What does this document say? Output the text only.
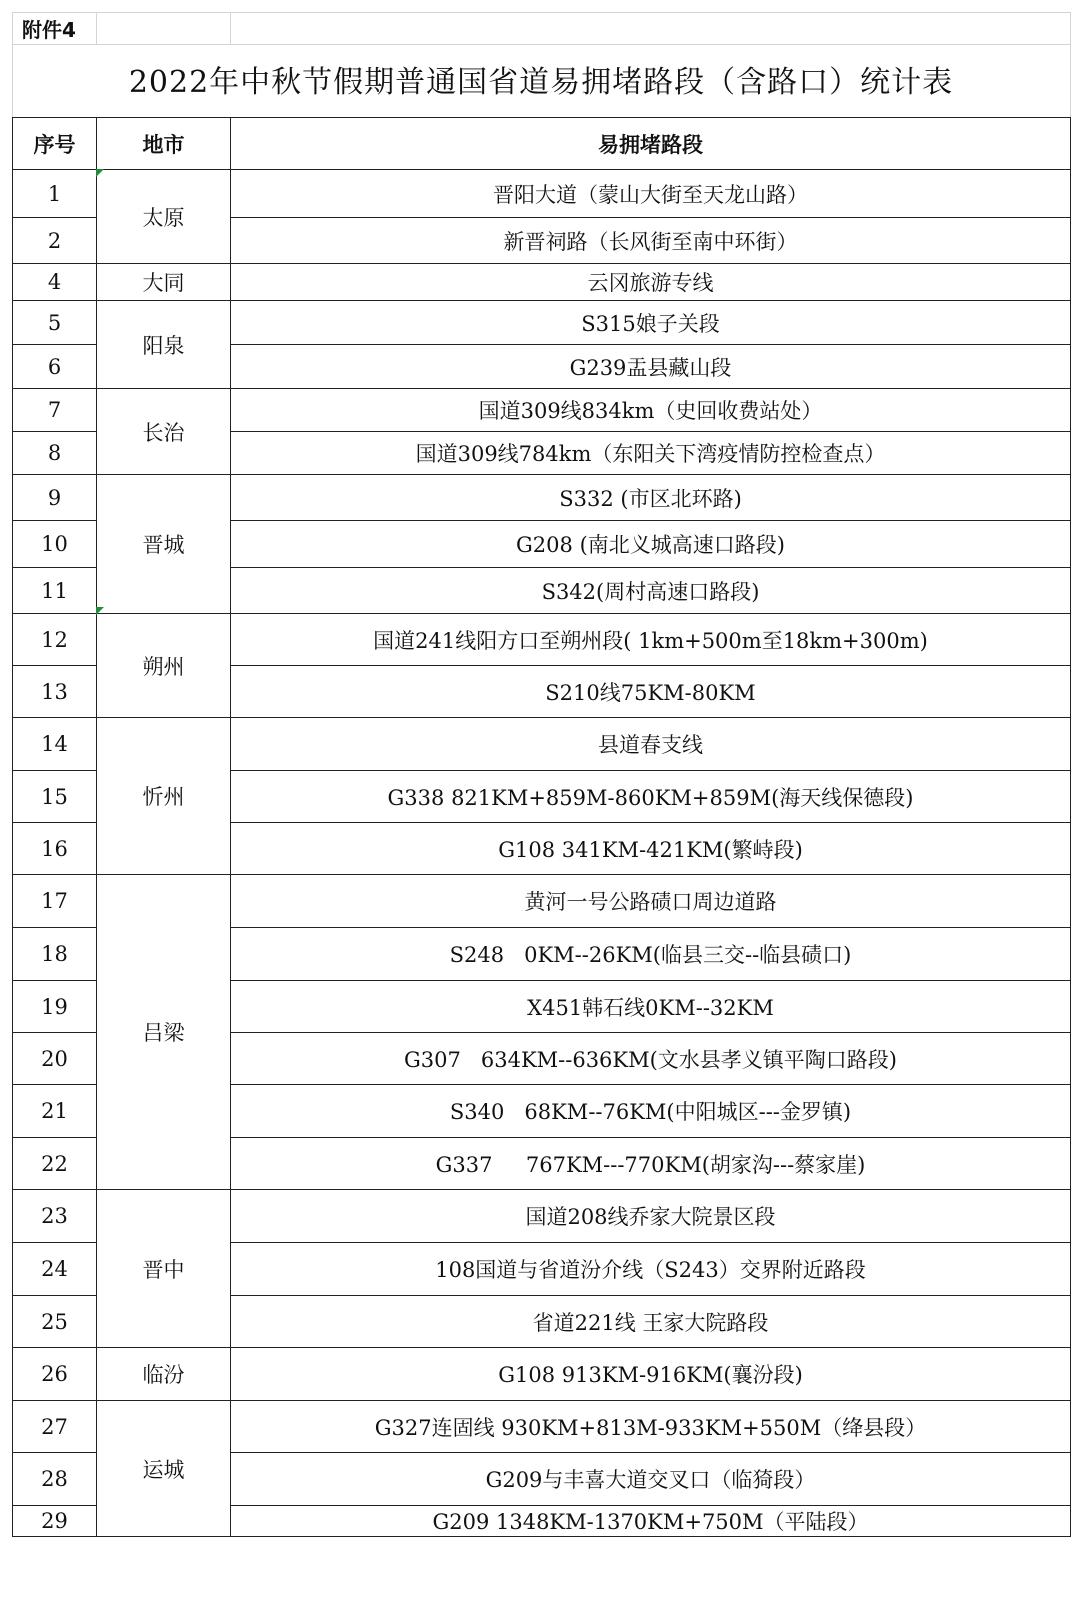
附件4
2022年中秋节假期普通国省道易拥堵路段（含路口）统计表
序号	地市	易拥堵路段
1	太原	晋阳大道（蒙山大街至天龙山路）
2		新晋祠路（长风街至南中环街）
4	大同	云冈旅游专线
5	阳泉	S315娘子关段
6		G239盂县藏山段
7	长治	国道309线834km（史回收费站处）
8		国道309线784km（东阳关下湾疫情防控检查点）
9	晋城	S332 (市区北环路)
10		G208 (南北义城高速口路段)
11		S342(周村高速口路段)
12	朔州	国道241线阳方口至朔州段( 1km+500m至18km+300m)
13		S210线75KM-80KM
14	忻州	县道春支线
15		G338 821KM+859M-860KM+859M(海天线保德段)
16		G108 341KM-421KM(繁峙段)
17	吕梁	黄河一号公路碛口周边道路
18		S248   0KM--26KM(临县三交--临县碛口)
19		X451韩石线0KM--32KM
20		G307   634KM--636KM(文水县孝义镇平陶口路段)
21		S340   68KM--76KM(中阳城区---金罗镇)
22		G337     767KM---770KM(胡家沟---蔡家崖)
23	晋中	国道208线乔家大院景区段
24		108国道与省道汾介线（S243）交界附近路段
25		省道221线 王家大院路段
26	临汾	G108 913KM-916KM(襄汾段)
27	运城	G327连固线 930KM+813M-933KM+550M（绛县段）
28		G209与丰喜大道交叉口（临猗段）
29		G209 1348KM-1370KM+750M（平陆段）
